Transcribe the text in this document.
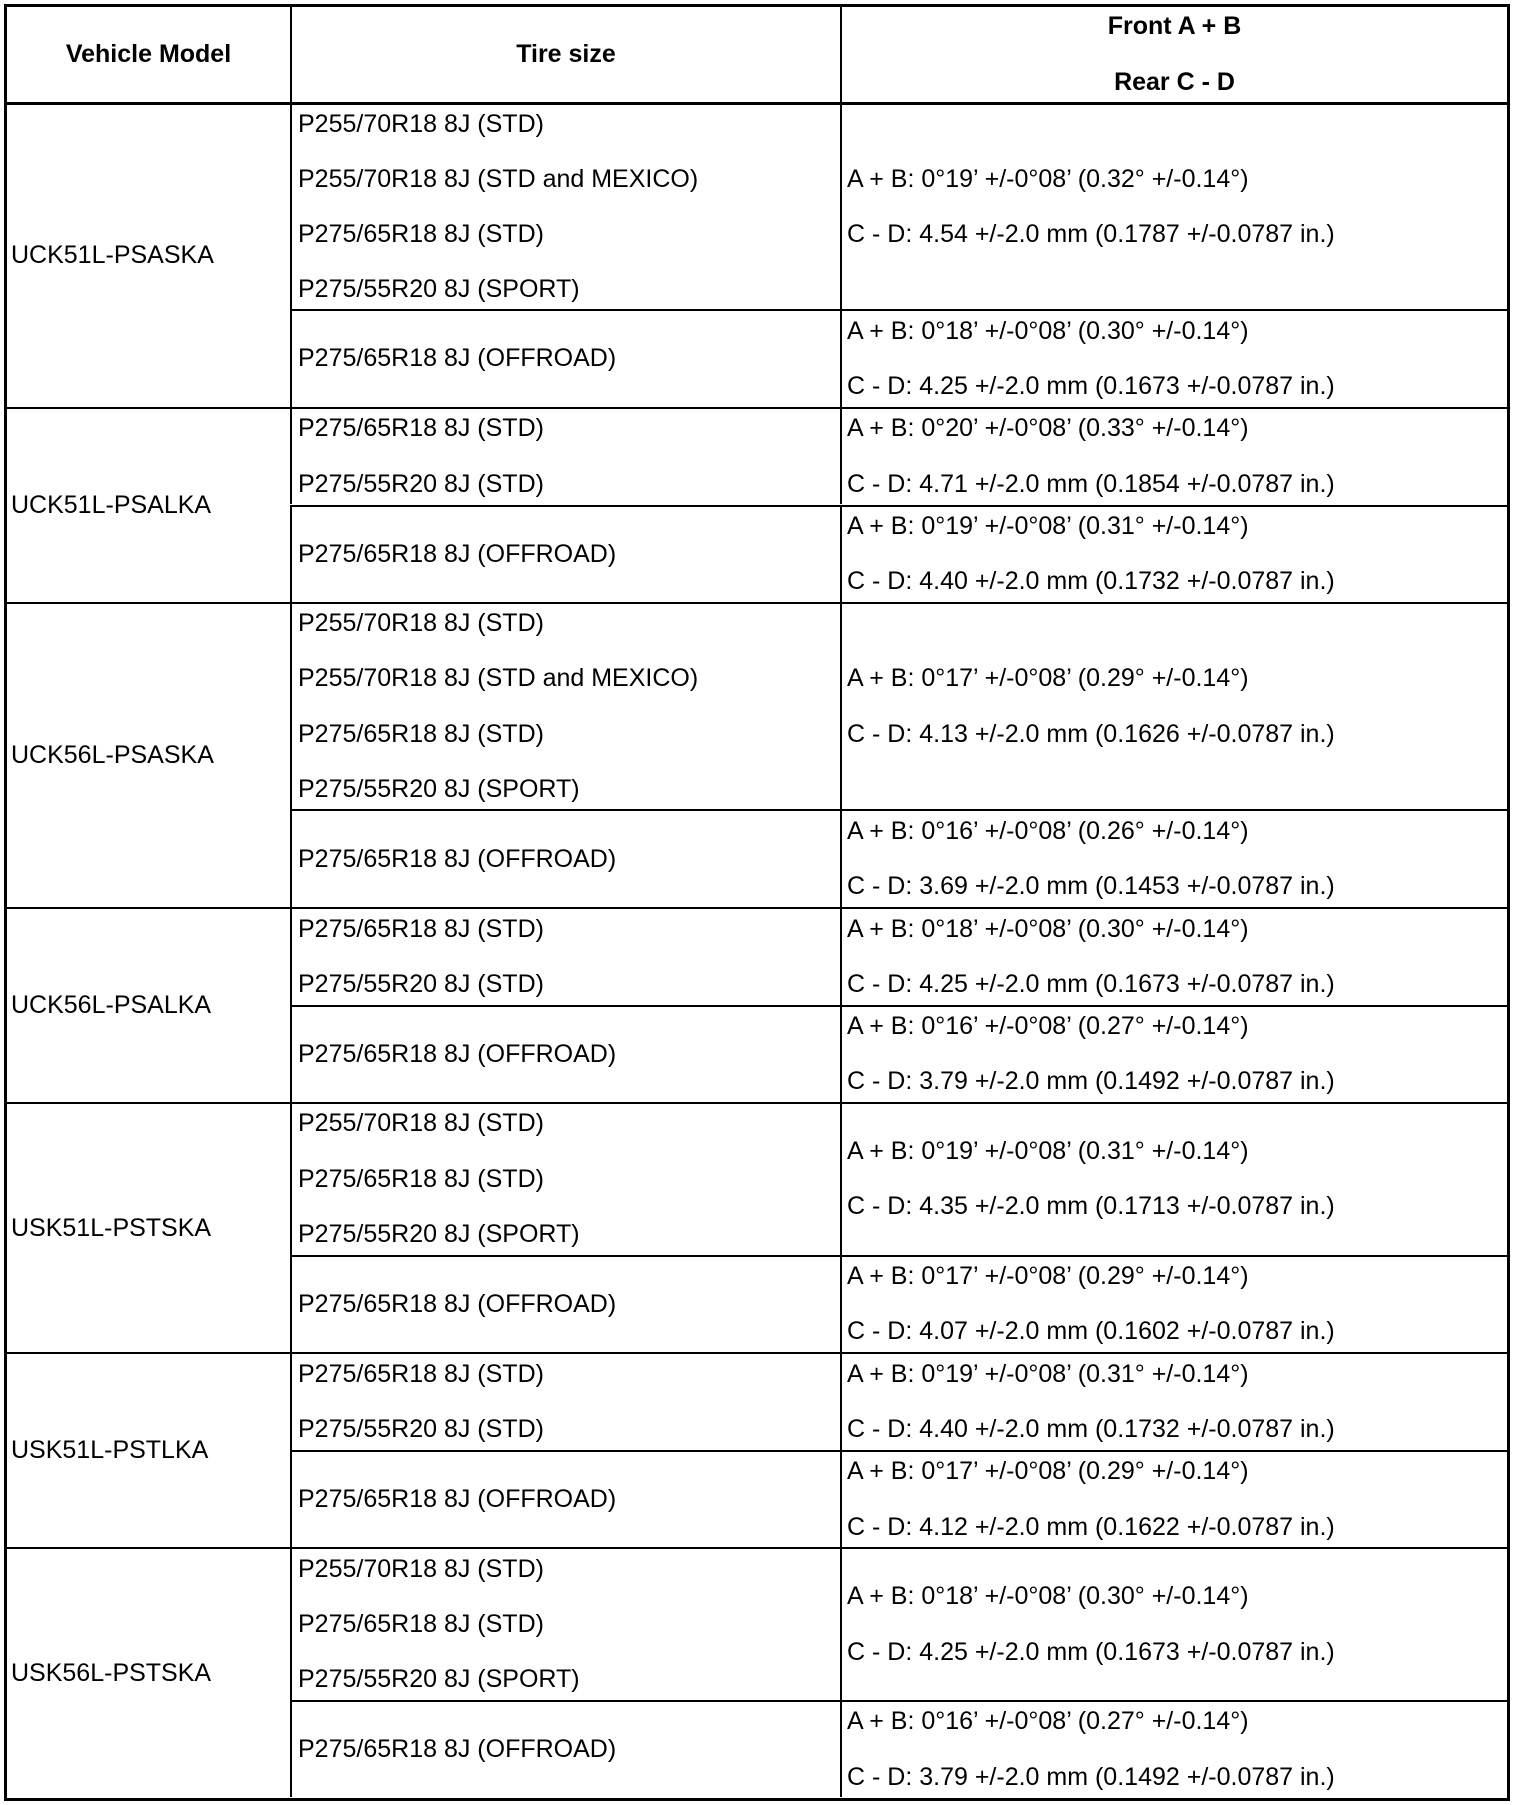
Vehicle Model	Tire size
Front A + B
Rear C - D
P255/70R18 8J (STD)
P255/70R18 8J (STD and MEXICO)
P275/65R18 8J (STD)
P275/55R20 8J (SPORT)
A + B: 0°19’ +/-0°08’ (0.32° +/-0.14°)
C - D: 4.54 +/-2.0 mm (0.1787 +/-0.0787 in.)
P275/65R18 8J (OFFROAD)
A + B: 0°18’ +/-0°08’ (0.30° +/-0.14°)
C - D: 4.25 +/-2.0 mm (0.1673 +/-0.0787 in.)
UCK51L-PSASKA
P275/65R18 8J (STD)
P275/55R20 8J (STD)
A + B: 0°20’ +/-0°08’ (0.33° +/-0.14°)
C - D: 4.71 +/-2.0 mm (0.1854 +/-0.0787 in.)
P275/65R18 8J (OFFROAD)
A + B: 0°19’ +/-0°08’ (0.31° +/-0.14°)
C - D: 4.40 +/-2.0 mm (0.1732 +/-0.0787 in.)
UCK51L-PSALKA
P255/70R18 8J (STD)
P255/70R18 8J (STD and MEXICO)
P275/65R18 8J (STD)
P275/55R20 8J (SPORT)
A + B: 0°17’ +/-0°08’ (0.29° +/-0.14°)
C - D: 4.13 +/-2.0 mm (0.1626 +/-0.0787 in.)
P275/65R18 8J (OFFROAD)
A + B: 0°16’ +/-0°08’ (0.26° +/-0.14°)
C - D: 3.69 +/-2.0 mm (0.1453 +/-0.0787 in.)
UCK56L-PSASKA
P275/65R18 8J (STD)
P275/55R20 8J (STD)
A + B: 0°18’ +/-0°08’ (0.30° +/-0.14°)
C - D: 4.25 +/-2.0 mm (0.1673 +/-0.0787 in.)
P275/65R18 8J (OFFROAD)
A + B: 0°16’ +/-0°08’ (0.27° +/-0.14°)
C - D: 3.79 +/-2.0 mm (0.1492 +/-0.0787 in.)
UCK56L-PSALKA
P255/70R18 8J (STD)
P275/65R18 8J (STD)
P275/55R20 8J (SPORT)
A + B: 0°19’ +/-0°08’ (0.31° +/-0.14°)
C - D: 4.35 +/-2.0 mm (0.1713 +/-0.0787 in.)
P275/65R18 8J (OFFROAD)
A + B: 0°17’ +/-0°08’ (0.29° +/-0.14°)
C - D: 4.07 +/-2.0 mm (0.1602 +/-0.0787 in.)
USK51L-PSTSKA
P275/65R18 8J (STD)
P275/55R20 8J (STD)
A + B: 0°19’ +/-0°08’ (0.31° +/-0.14°)
C - D: 4.40 +/-2.0 mm (0.1732 +/-0.0787 in.)
P275/65R18 8J (OFFROAD)
A + B: 0°17’ +/-0°08’ (0.29° +/-0.14°)
C - D: 4.12 +/-2.0 mm (0.1622 +/-0.0787 in.)
USK51L-PSTLKA
P255/70R18 8J (STD)
P275/65R18 8J (STD)
P275/55R20 8J (SPORT)
A + B: 0°18’ +/-0°08’ (0.30° +/-0.14°)
C - D: 4.25 +/-2.0 mm (0.1673 +/-0.0787 in.)
P275/65R18 8J (OFFROAD)
A + B: 0°16’ +/-0°08’ (0.27° +/-0.14°)
C - D: 3.79 +/-2.0 mm (0.1492 +/-0.0787 in.)
USK56L-PSTSKA
